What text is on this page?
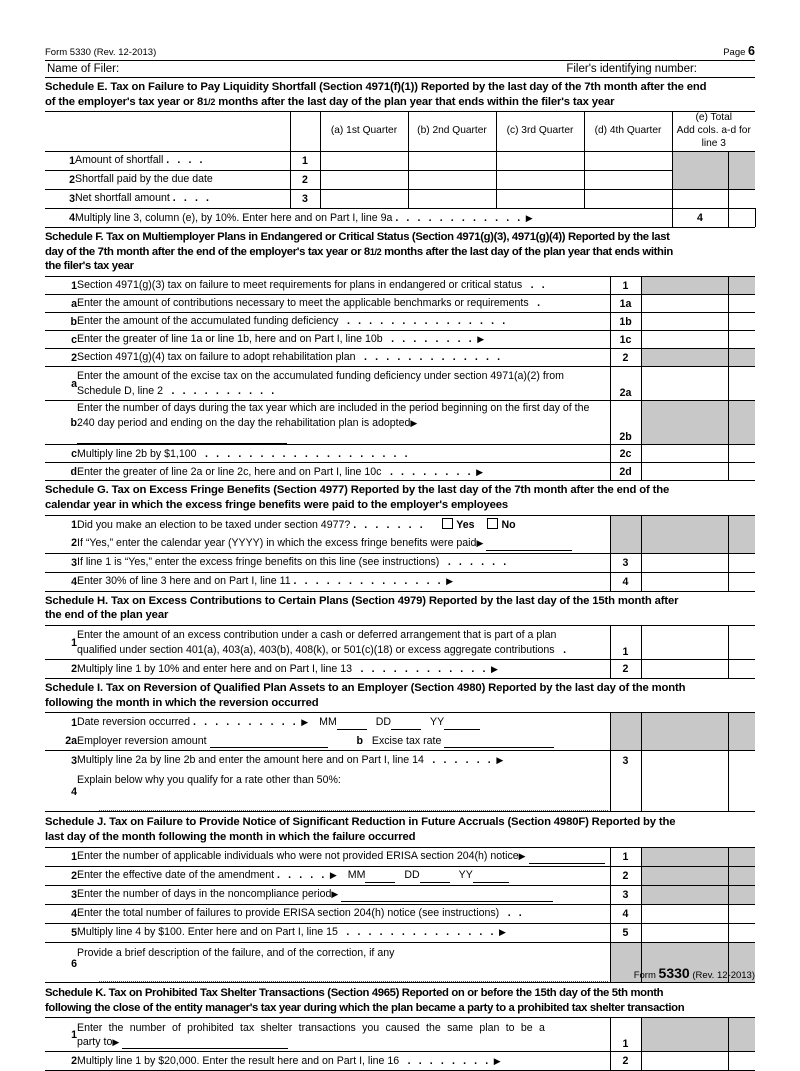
Form 5330 (Rev. 12-2013)	Page 6
Name of Filer:	Filer's identifying number:
Schedule E. Tax on Failure to Pay Liquidity Shortfall (Section 4971(f)(1)) Reported by the last day of the 7th month after the end
of the employer's tax year or 81/2 months after the last day of the plan year that ends within the filer's tax year
			(a) 1st Quarter	(b) 2nd Quarter	(c) 3rd Quarter	(d) 4th Quarter	(e) Total
Add cols. a-d for line 3		
1	Amount of shortfall . . . .	1							
2	Shortfall paid by the due date	2							
3	Net shortfall amount . . . .	3							
4	Multiply line 3, column (e), by 10%. Enter here and on Part I, line 9a . . . . . . . . . . . . ▶						4		
Schedule F. Tax on Multiemployer Plans in Endangered or Critical Status (Section 4971(g)(3), 4971(g)(4)) Reported by the last
day of the 7th month after the end of the employer's tax year or 81/2 months after the last day of the plan year that ends within
the filer's tax year
1	Section 4971(g)(3) tax on failure to meet requirements for plans in endangered or critical status  . .	1		
a	Enter the amount of contributions necessary to meet the applicable benchmarks or requirements  .	1a		
b	Enter the amount of the accumulated funding deficiency  . . . . . . . . . . . . . . .	1b		
c	Enter the greater of line 1a or line 1b, here and on Part I, line 10b  . . . . . . . . ▶	1c		
2	Section 4971(g)(4) tax on failure to adopt rehabilitation plan  . . . . . . . . . . . . .	2		
a	Enter the amount of the excise tax on the accumulated funding deficiency under section 4971(a)(2) from Schedule D, line 2  . . . . . . . . . .	2a		
b	Enter the number of days during the tax year which are included in the period beginning on the first day of the 240 day period and ending on the day the rehabilitation plan is adopted▶	2b		
c	Multiply line 2b by $1,100  . . . . . . . . . . . . . . . . . . .	2c		
d	Enter the greater of line 2a or line 2c, here and on Part I, line 10c  . . . . . . . . ▶	2d		
Schedule G. Tax on Excess Fringe Benefits (Section 4977) Reported by the last day of the 7th month after the end of the
calendar year in which the excess fringe benefits were paid to the employer's employees
1	Did you make an election to be taxed under section 4977? . . . . . . . Yes No			
2	If “Yes,” enter the calendar year (YYYY) in which the excess fringe benefits were paid▶			
3	If line 1 is “Yes,” enter the excess fringe benefits on this line (see instructions)  . . . . . .	3		
4	Enter 30% of line 3 here and on Part I, line 11 . . . . . . . . . . . . . . ▶	4		
Schedule H. Tax on Excess Contributions to Certain Plans (Section 4979) Reported by the last day of the 15th month after
the end of the plan year
1	Enter the amount of an excess contribution under a cash or deferred arrangement that is part of a plan
qualified under section 401(a), 403(a), 403(b), 408(k), or 501(c)(18) or excess aggregate contributions  .	1		
2	Multiply line 1 by 10% and enter here and on Part I, line 13  . . . . . . . . . . . . ▶	2		
Schedule I. Tax on Reversion of Qualified Plan Assets to an Employer (Section 4980) Reported by the last day of the month
following the month in which the reversion occurred
1	Date reversion occurred . . . . . . . . . . ▶ MM DD YY			
2a	Employer reversion amount b Excise tax rate			
3	Multiply line 2a by line 2b and enter the amount here and on Part I, line 14  . . . . . . ▶	3		
4	Explain below why you qualify for a rate other than 50%:

Schedule J. Tax on Failure to Provide Notice of Significant Reduction in Future Accruals (Section 4980F) Reported by the
last day of the month following the month in which the failure occurred
1	Enter the number of applicable individuals who were not provided ERISA section 204(h) notice▶	1		
2	Enter the effective date of the amendment . . . . . ▶ MM DD YY	2		
3	Enter the number of days in the noncompliance period▶	3		
4	Enter the total number of failures to provide ERISA section 204(h) notice (see instructions)  . .	4		
5	Multiply line 4 by $100. Enter here and on Part I, line 15  . . . . . . . . . . . . . . ▶	5		
6	Provide a brief description of the failure, and of the correction, if any

Schedule K. Tax on Prohibited Tax Shelter Transactions (Section 4965) Reported on or before the 15th day of the 5th month
following the close of the entity manager's tax year during which the plan became a party to a prohibited tax shelter transaction
1	Enter the number of prohibited tax shelter transactions you caused the same plan to be a
party to▶	1		
2	Multiply line 1 by $20,000. Enter the result here and on Part I, line 16  . . . . . . . . ▶	2		
Form 5330 (Rev. 12-2013)
